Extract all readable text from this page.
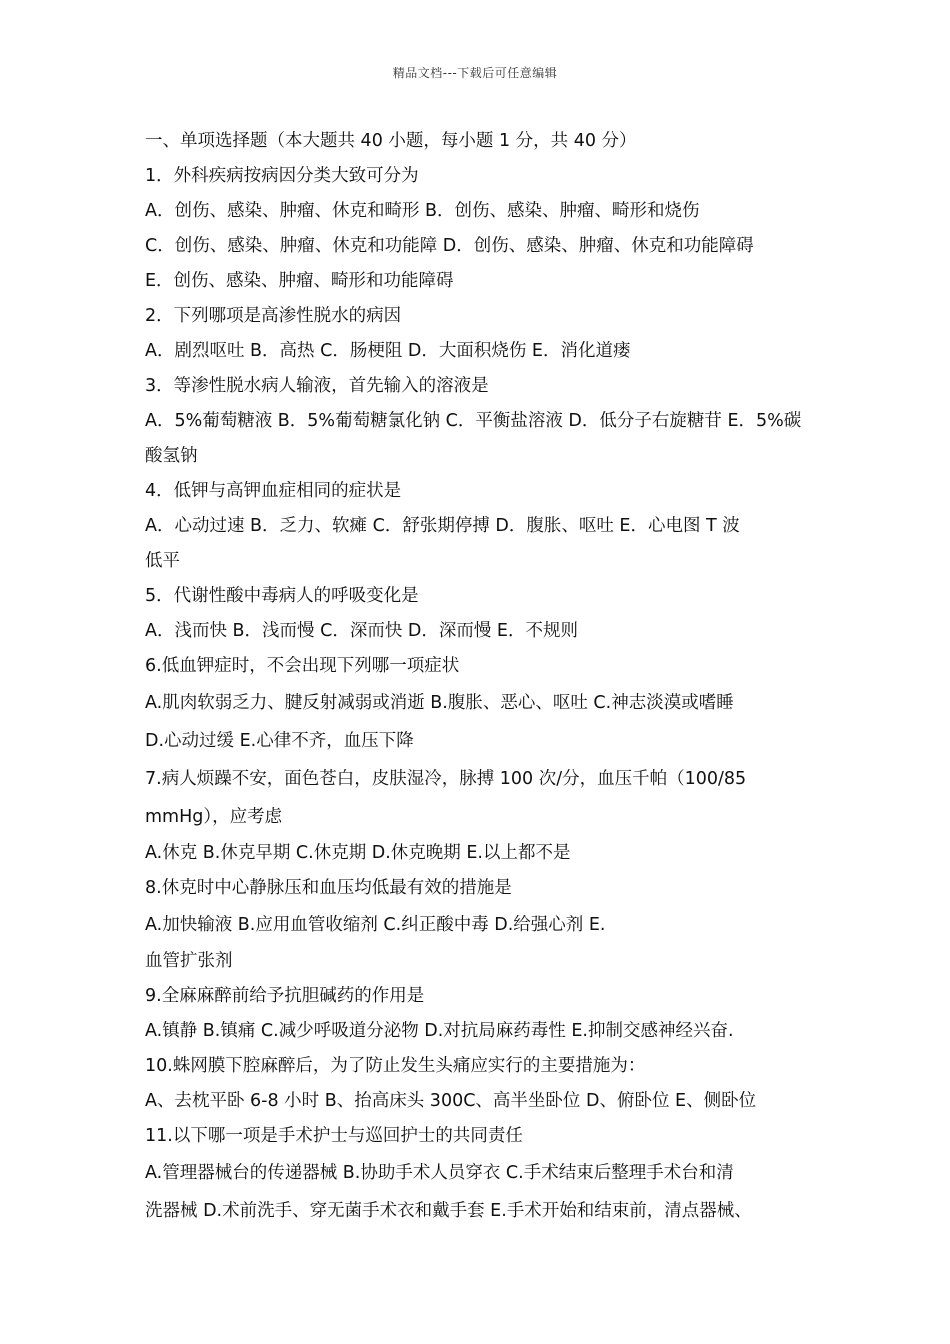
精品文档---下载后可任意编辑
一、单项选择题（本大题共 40 小题，每小题 1 分，共 40 分）
1．外科疾病按病因分类大致可分为
A．创伤、感染、肿瘤、休克和畸形 B．创伤、感染、肿瘤、畸形和烧伤
C．创伤、感染、肿瘤、休克和功能障 D．创伤、感染、肿瘤、休克和功能障碍
E．创伤、感染、肿瘤、畸形和功能障碍
2．下列哪项是高渗性脱水的病因
A．剧烈呕吐 B．高热 C．肠梗阻 D．大面积烧伤 E．消化道瘘
3．等渗性脱水病人输液，首先输入的溶液是
A．5%葡萄糖液 B．5%葡萄糖氯化钠 C．平衡盐溶液 D．低分子右旋糖苷 E．5%碳
酸氢钠
4．低钾与高钾血症相同的症状是
A．心动过速 B．乏力、软瘫 C．舒张期停搏 D．腹胀、呕吐 E．心电图 T 波
低平
5．代谢性酸中毒病人的呼吸变化是
A．浅而快 B．浅而慢 C．深而快 D．深而慢 E．不规则
6.低血钾症时，不会出现下列哪一项症状
A.肌肉软弱乏力、腱反射减弱或消逝 B.腹胀、恶心、呕吐 C.神志淡漠或嗜睡
D.心动过缓 E.心律不齐，血压下降
7.病人烦躁不安，面色苍白，皮肤湿冷，脉搏 100 次/分，血压千帕（100/85
mmHg），应考虑
A.休克 B.休克早期 C.休克期 D.休克晚期 E.以上都不是
8.休克时中心静脉压和血压均低最有效的措施是
A.加快输液 B.应用血管收缩剂 C.纠正酸中毒 D.给强心剂 E.
血管扩张剂
9.全麻麻醉前给予抗胆碱药的作用是
A.镇静 B.镇痛 C.减少呼吸道分泌物 D.对抗局麻药毒性 E.抑制交感神经兴奋.
10.蛛网膜下腔麻醉后，为了防止发生头痛应实行的主要措施为：
A、去枕平卧 6-8 小时 B、抬高床头 300C、高半坐卧位 D、俯卧位 E、侧卧位
11.以下哪一项是手术护士与巡回护士的共同责任
A.管理器械台的传递器械 B.协助手术人员穿衣 C.手术结束后整理手术台和清
洗器械 D.术前洗手、穿无菌手术衣和戴手套 E.手术开始和结束前，清点器械、
